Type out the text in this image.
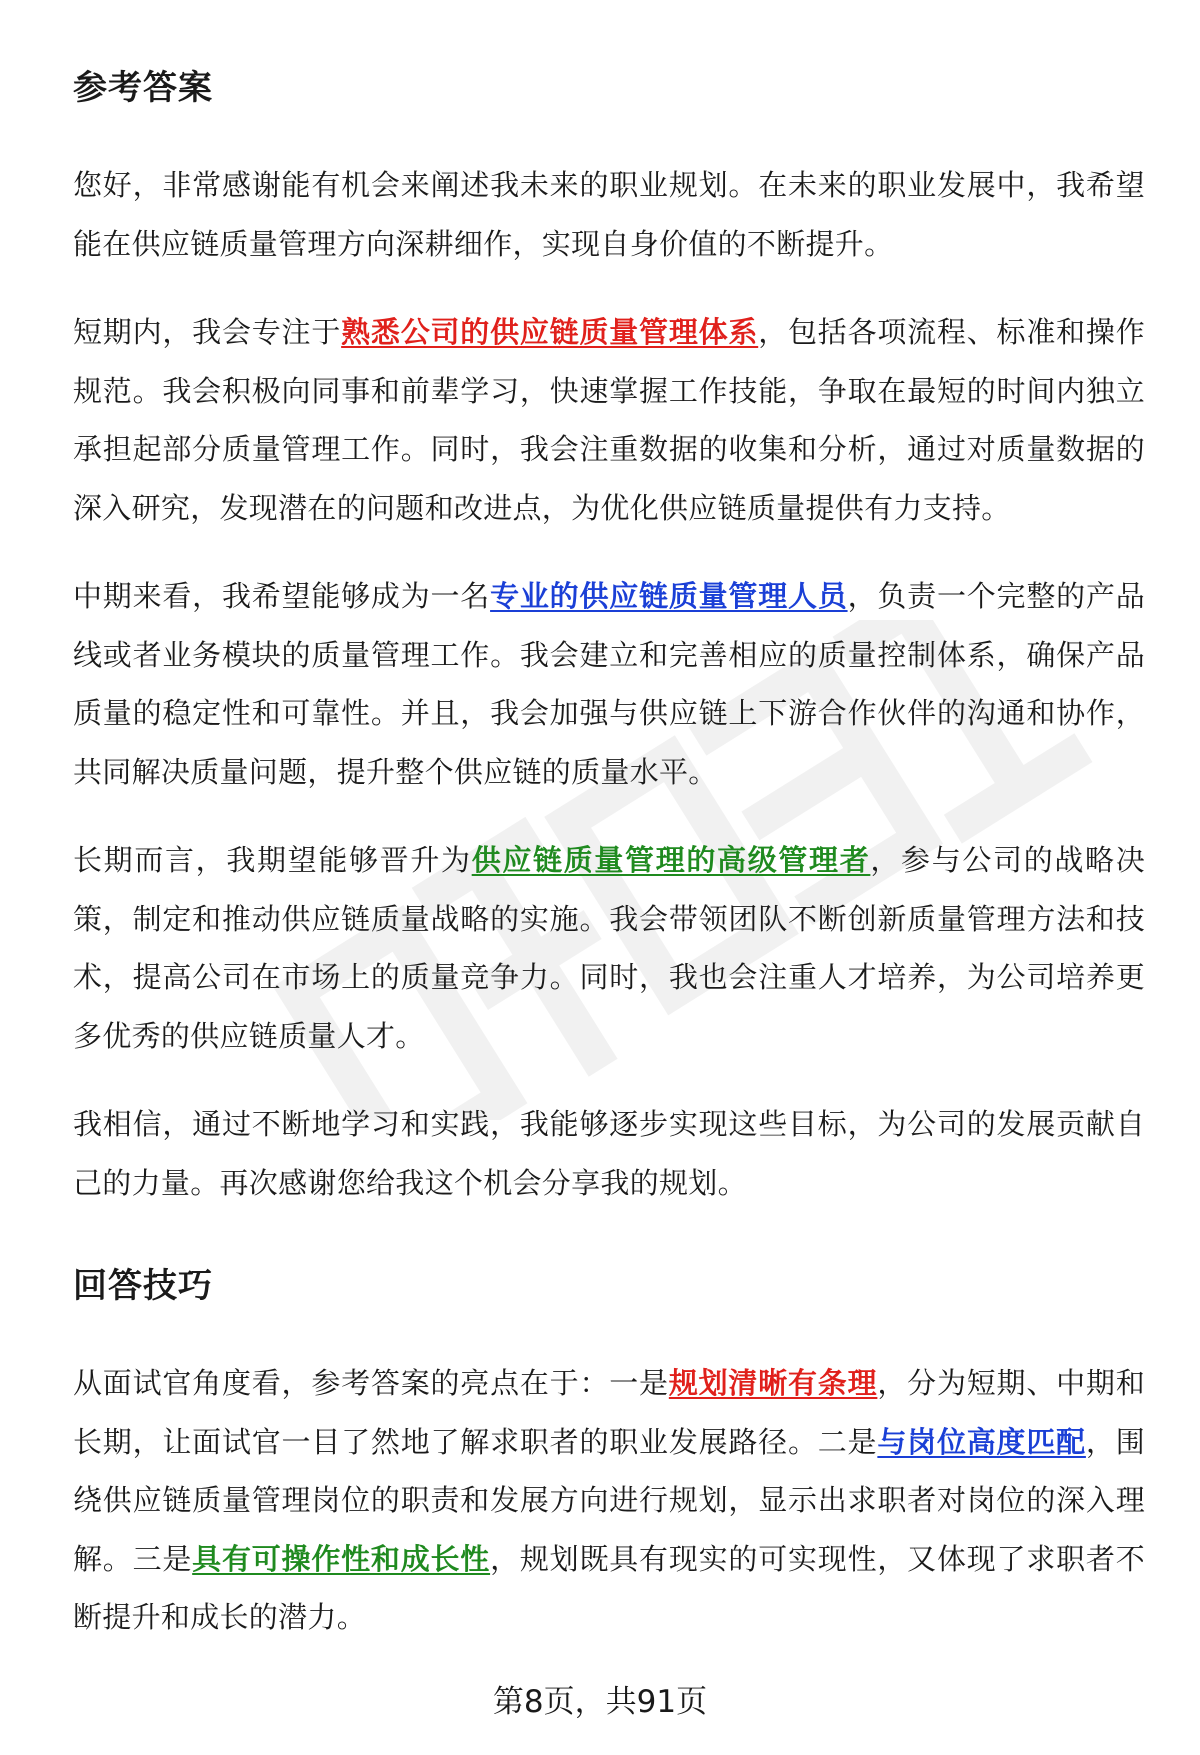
参考答案

您好，非常感谢能有机会来阐述我未来的职业规划。在未来的职业发展中，我希望能在供应链质量管理方向深耕细作，实现自身价值的不断提升。

短期内，我会专注于熟悉公司的供应链质量管理体系，包括各项流程、标准和操作规范。我会积极向同事和前辈学习，快速掌握工作技能，争取在最短的时间内独立承担起部分质量管理工作。同时，我会注重数据的收集和分析，通过对质量数据的深入研究，发现潜在的问题和改进点，为优化供应链质量提供有力支持。

中期来看，我希望能够成为一名专业的供应链质量管理人员，负责一个完整的产品线或者业务模块的质量管理工作。我会建立和完善相应的质量控制体系，确保产品质量的稳定性和可靠性。并且，我会加强与供应链上下游合作伙伴的沟通和协作，共同解决质量问题，提升整个供应链的质量水平。

长期而言，我期望能够晋升为供应链质量管理的高级管理者，参与公司的战略决策，制定和推动供应链质量战略的实施。我会带领团队不断创新质量管理方法和技术，提高公司在市场上的质量竞争力。同时，我也会注重人才培养，为公司培养更多优秀的供应链质量人才。

我相信，通过不断地学习和实践，我能够逐步实现这些目标，为公司的发展贡献自己的力量。再次感谢您给我这个机会分享我的规划。

回答技巧

从面试官角度看，参考答案的亮点在于：一是规划清晰有条理，分为短期、中期和长期，让面试官一目了然地了解求职者的职业发展路径。二是与岗位高度匹配，围绕供应链质量管理岗位的职责和发展方向进行规划，显示出求职者对岗位的深入理解。三是具有可操作性和成长性，规划既具有现实的可实现性，又体现了求职者不断提升和成长的潜力。

第8页，共91页
